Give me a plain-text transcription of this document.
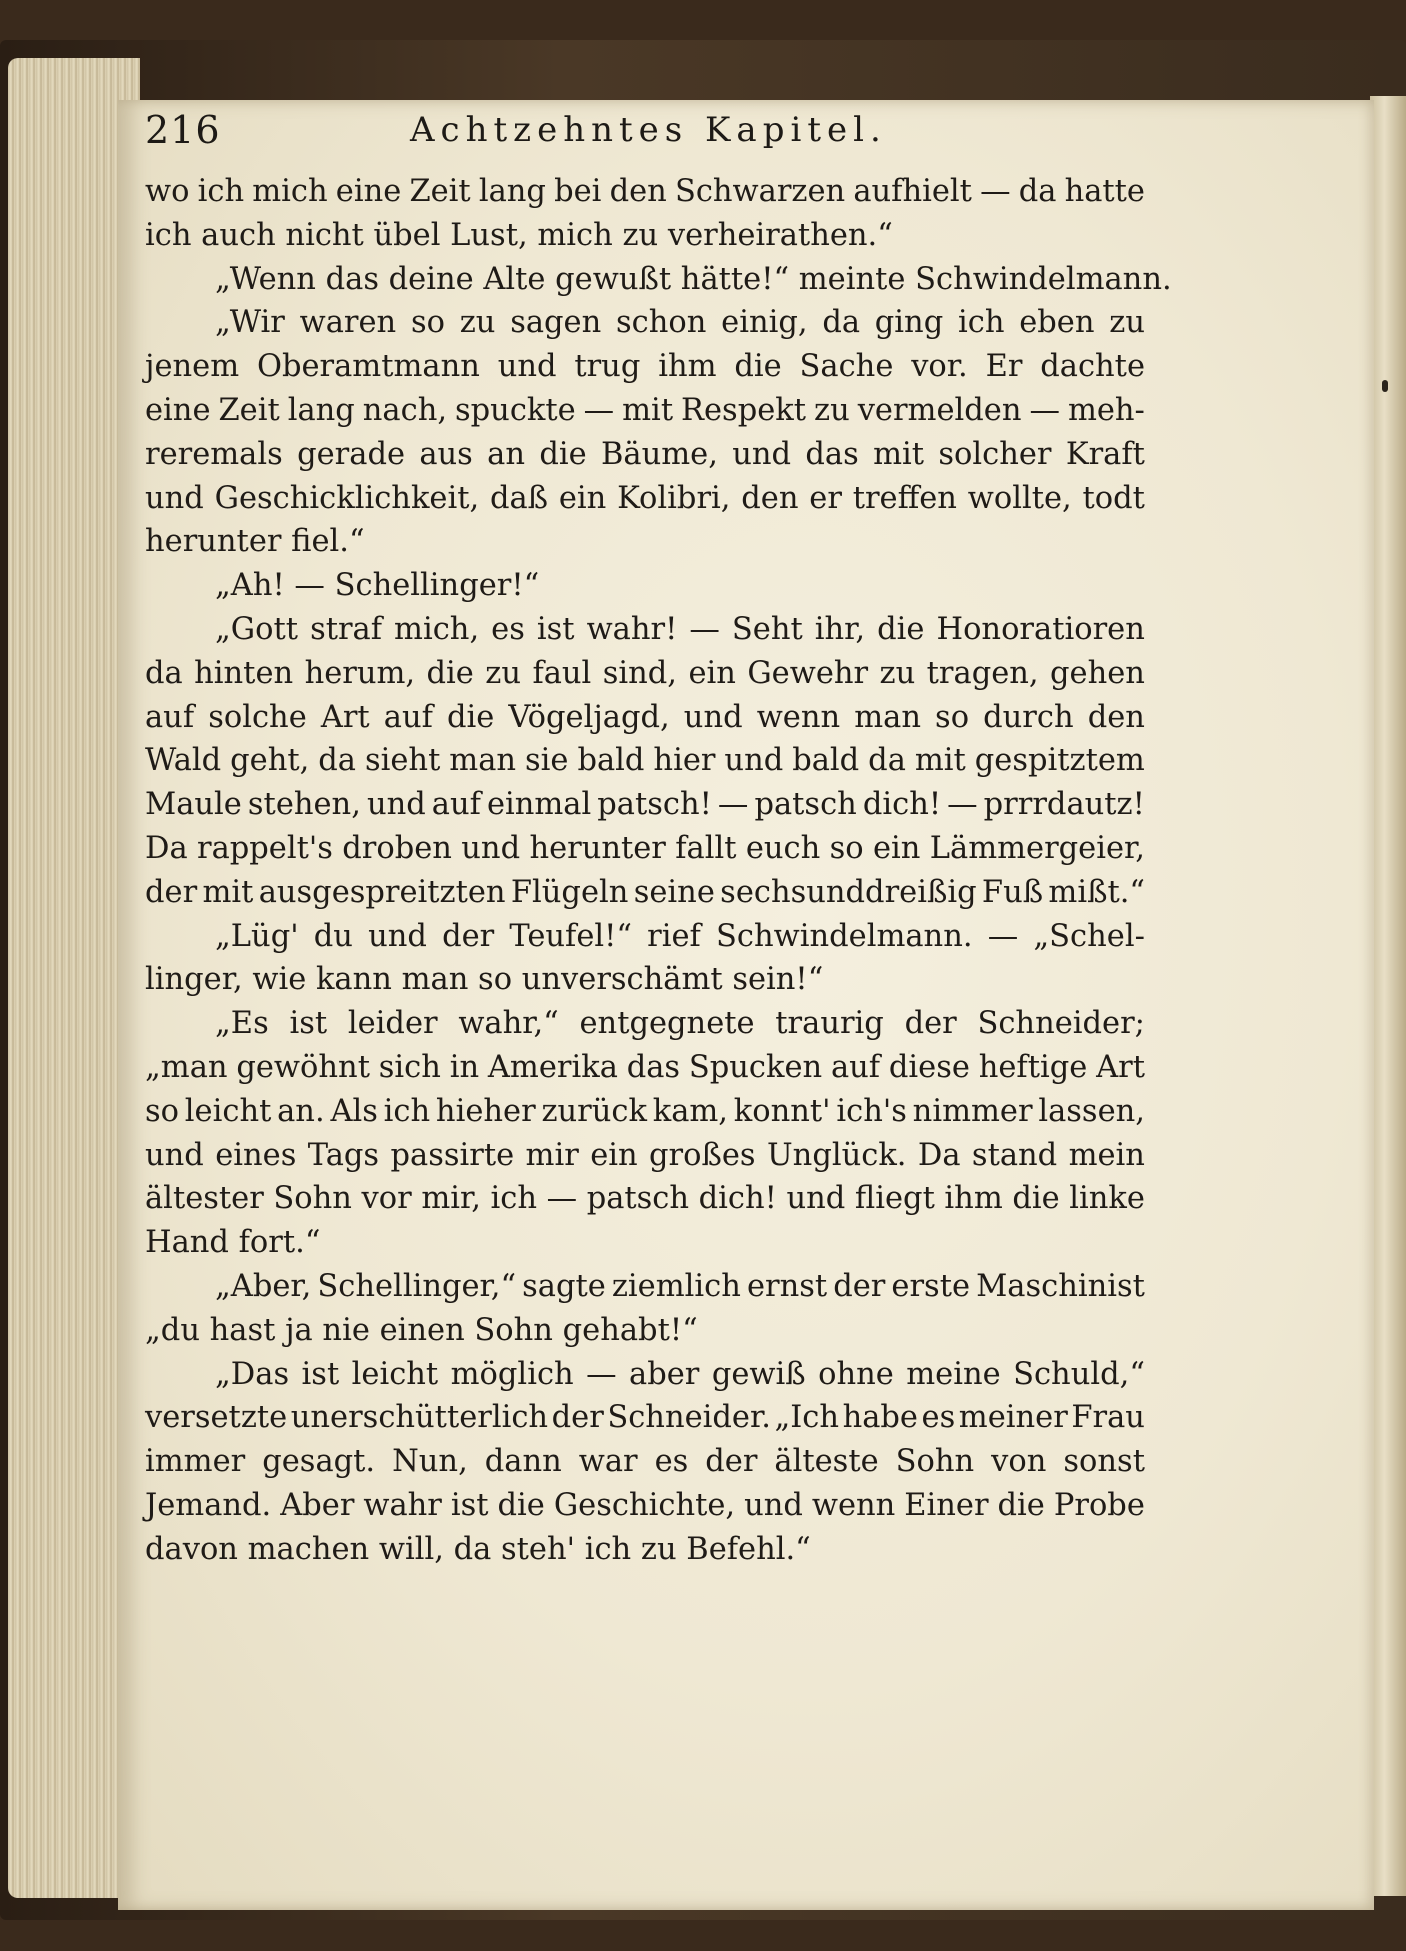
216	Achtzehntes Kapitel.
wo ich mich eine Zeit lang bei den Schwarzen aufhielt — da hatte
ich auch nicht übel Lust, mich zu verheirathen.“
„Wenn das deine Alte gewußt hätte!“ meinte Schwindelmann.
„Wir waren so zu sagen schon einig, da ging ich eben zu
jenem Oberamtmann und trug ihm die Sache vor. Er dachte
eine Zeit lang nach, spuckte — mit Respekt zu vermelden — meh-
reremals gerade aus an die Bäume, und das mit solcher Kraft
und Geschicklichkeit, daß ein Kolibri, den er treffen wollte, todt
herunter fiel.“
„Ah! — Schellinger!“
„Gott straf mich, es ist wahr! — Seht ihr, die Honoratioren
da hinten herum, die zu faul sind, ein Gewehr zu tragen, gehen
auf solche Art auf die Vögeljagd, und wenn man so durch den
Wald geht, da sieht man sie bald hier und bald da mit gespitztem
Maule stehen, und auf einmal patsch! — patsch dich! — prrrdautz!
Da rappelt's droben und herunter fallt euch so ein Lämmergeier,
der mit ausgespreitzten Flügeln seine sechsunddreißig Fuß mißt.“
„Lüg' du und der Teufel!“ rief Schwindelmann. — „Schel-
linger, wie kann man so unverschämt sein!“
„Es ist leider wahr,“ entgegnete traurig der Schneider;
„man gewöhnt sich in Amerika das Spucken auf diese heftige Art
so leicht an. Als ich hieher zurück kam, konnt' ich's nimmer lassen,
und eines Tags passirte mir ein großes Unglück. Da stand mein
ältester Sohn vor mir, ich — patsch dich! und fliegt ihm die linke
Hand fort.“
„Aber, Schellinger,“ sagte ziemlich ernst der erste Maschinist
„du hast ja nie einen Sohn gehabt!“
„Das ist leicht möglich — aber gewiß ohne meine Schuld,“
versetzte unerschütterlich der Schneider. „Ich habe es meiner Frau
immer gesagt. Nun, dann war es der älteste Sohn von sonst
Jemand. Aber wahr ist die Geschichte, und wenn Einer die Probe
davon machen will, da steh' ich zu Befehl.“
